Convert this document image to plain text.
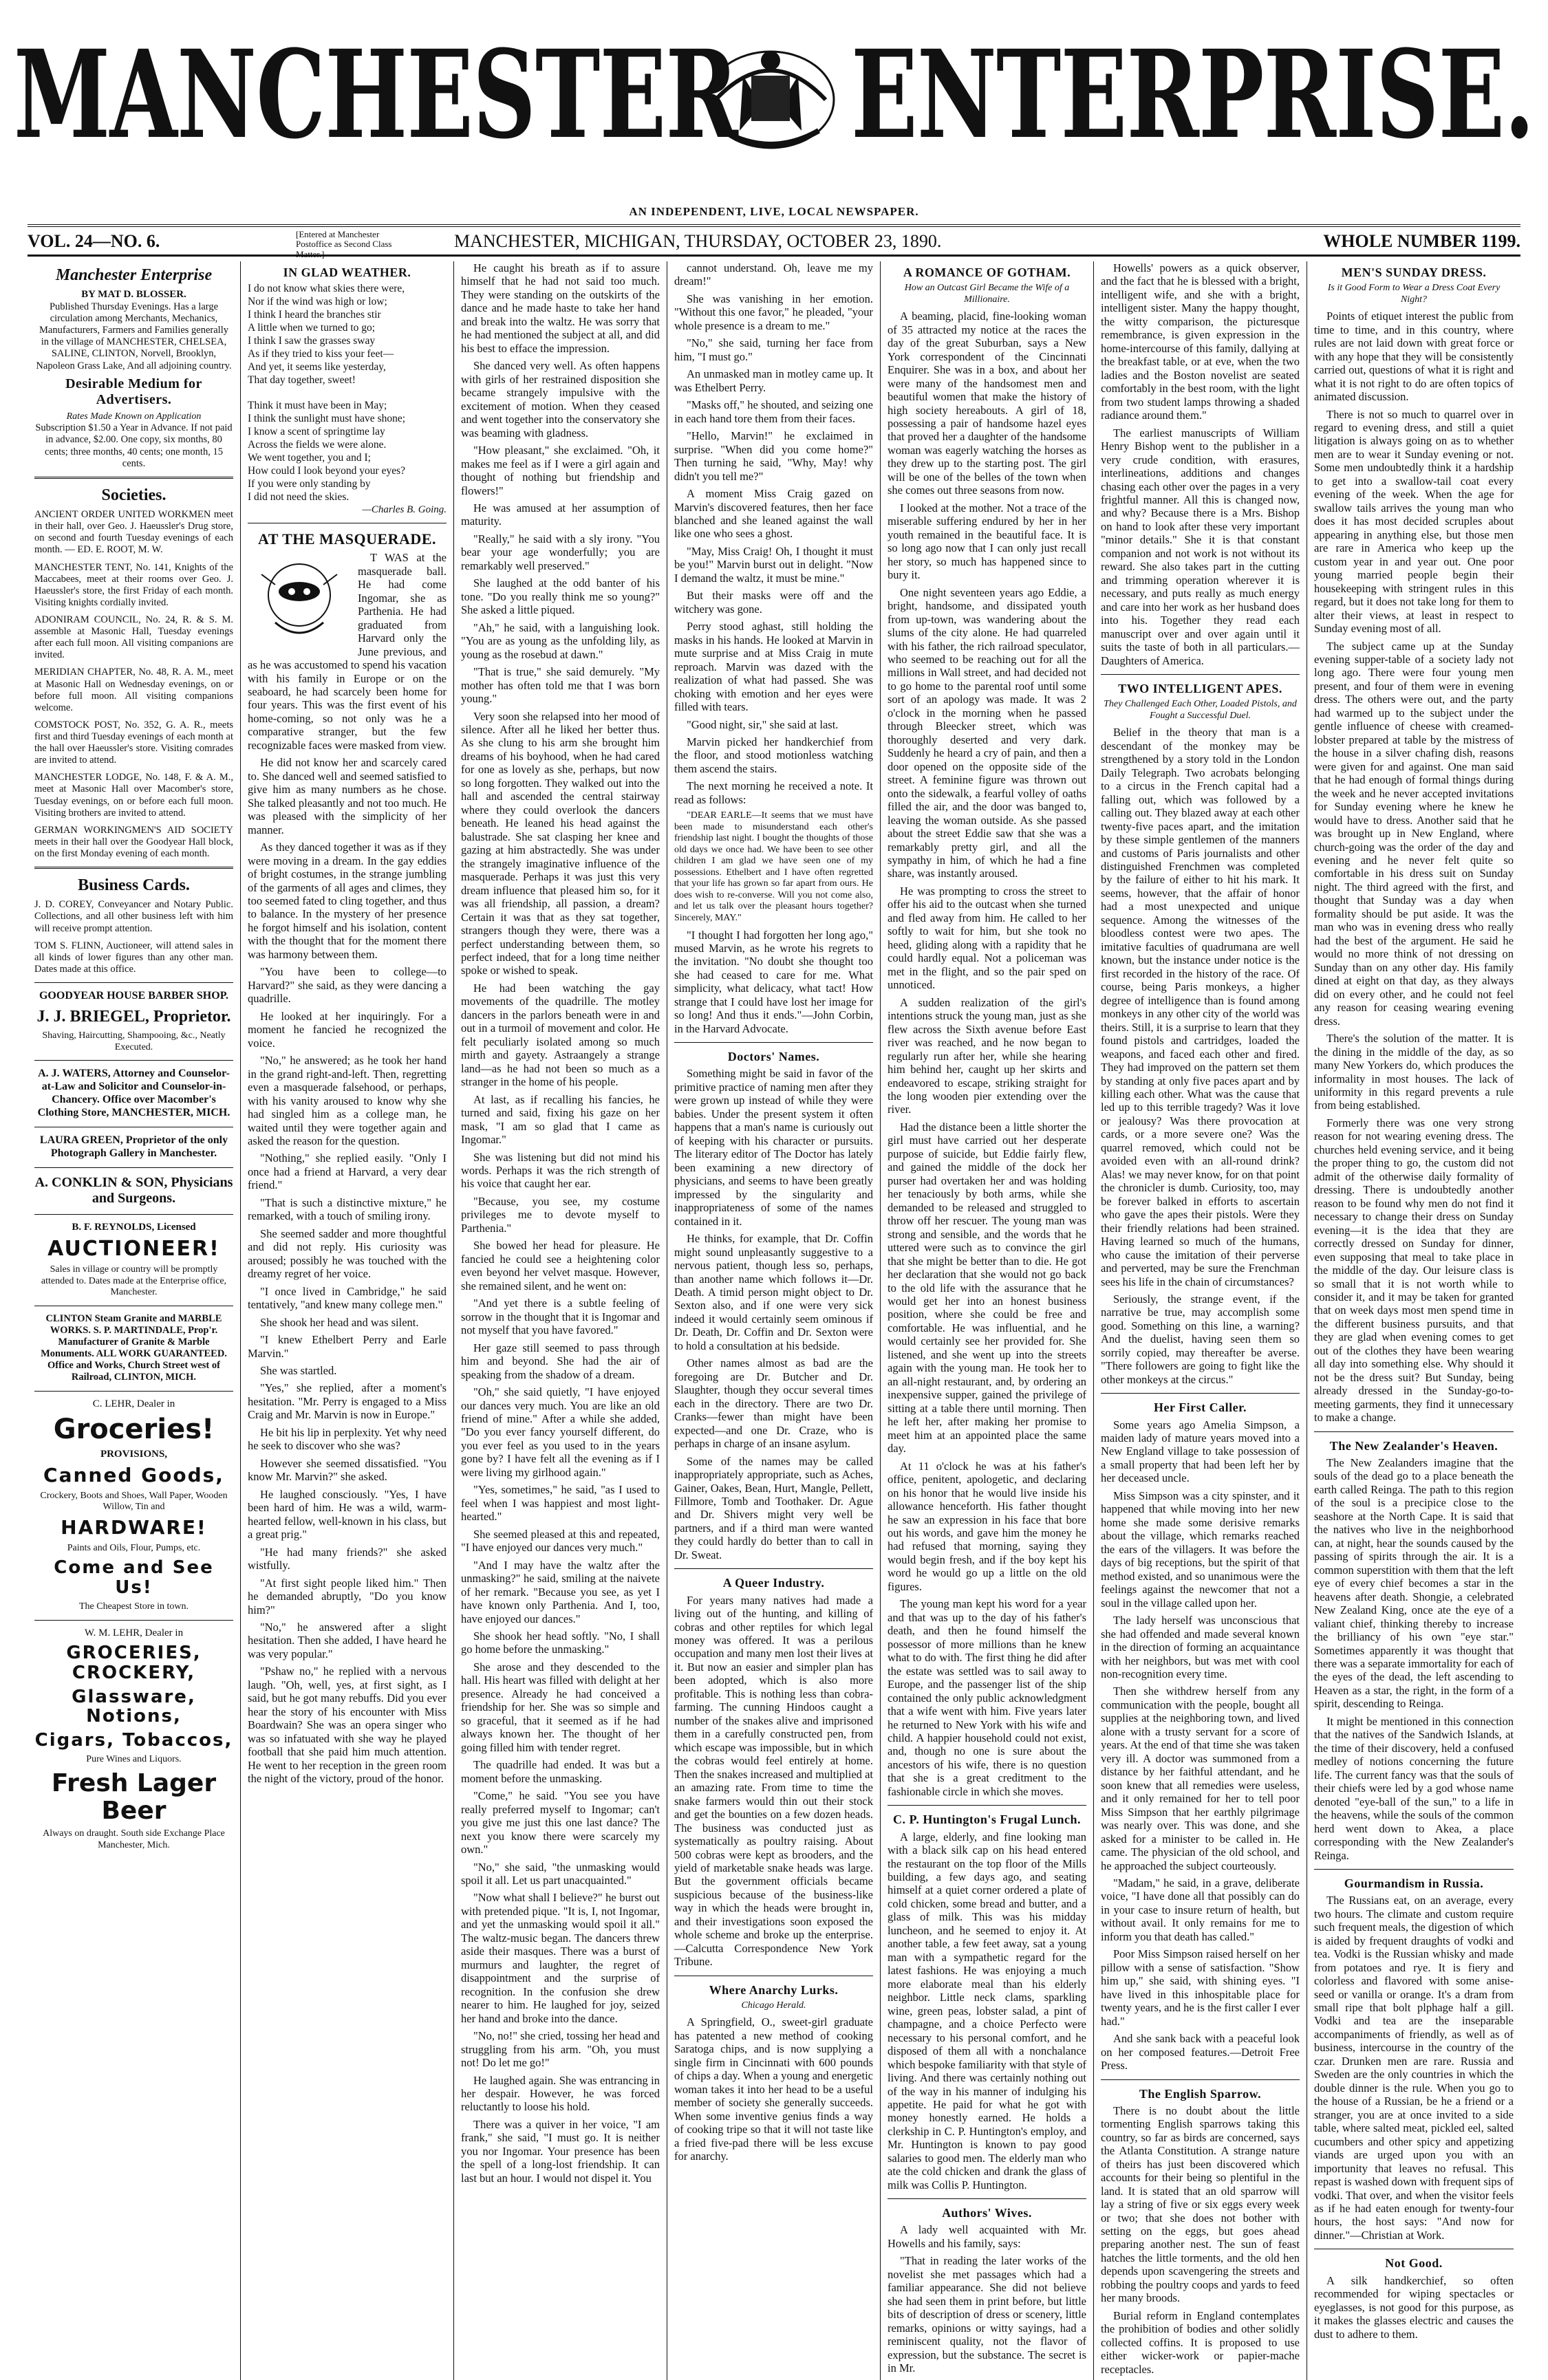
MANCHESTER ENTERPRISE.
AN INDEPENDENT, LIVE, LOCAL NEWSPAPER.
VOL. 24—NO. 6.	[Entered at Manchester Postoffice as Second Class Matter.]
MANCHESTER, MICHIGAN, THURSDAY, OCTOBER 23, 1890.	WHOLE NUMBER 1199.
Manchester Enterprise
BY MAT D. BLOSSER.

Published Thursday Evenings. Has a large circulation among Merchants, Mechanics, Manufacturers, Farmers and Families generally in the village of MANCHESTER, CHELSEA, SALINE, CLINTON, Norvell, Brooklyn, Napoleon Grass Lake, And all adjoining country.

Desirable Medium for Advertisers.
Rates Made Known on Application

Subscription $1.50 a Year in Advance. If not paid in advance, $2.00. One copy, six months, 80 cents; three months, 40 cents; one month, 15 cents.

Societies.

ANCIENT ORDER UNITED WORKMEN meet in their hall, over Geo. J. Haeussler's Drug store, on second and fourth Tuesday evenings of each month. — ED. E. ROOT, M. W.

MANCHESTER TENT, No. 141, Knights of the Maccabees, meet at their rooms over Geo. J. Haeussler's store, the first Friday of each month. Visiting knights cordially invited.

ADONIRAM COUNCIL, No. 24, R. & S. M. assemble at Masonic Hall, Tuesday evenings after each full moon. All visiting companions are invited.

MERIDIAN CHAPTER, No. 48, R. A. M., meet at Masonic Hall on Wednesday evenings, on or before full moon. All visiting companions welcome.

COMSTOCK POST, No. 352, G. A. R., meets first and third Tuesday evenings of each month at the hall over Haeussler's store. Visiting comrades are invited to attend.

MANCHESTER LODGE, No. 148, F. & A. M., meet at Masonic Hall over Macomber's store, Tuesday evenings, on or before each full moon. Visiting brothers are invited to attend.

GERMAN WORKINGMEN'S AID SOCIETY meets in their hall over the Goodyear Hall block, on the first Monday evening of each month.

Business Cards.

J. D. COREY, Conveyancer and Notary Public. Collections, and all other business left with him will receive prompt attention.

TOM S. FLINN, Auctioneer, will attend sales in all kinds of lower figures than any other man. Dates made at this office.

GOODYEAR HOUSE BARBER SHOP.
J. J. BRIEGEL, Proprietor.
Shaving, Haircutting, Shampooing, &c., Neatly Executed.
A. J. WATERS, Attorney and Counselor-at-Law and Solicitor and Counselor-in-Chancery. Office over Macomber's Clothing Store, MANCHESTER, MICH.
LAURA GREEN, Proprietor of the only Photograph Gallery in Manchester.
A. CONKLIN & SON, Physicians and Surgeons.
B. F. REYNOLDS, Licensed
AUCTIONEER!
Sales in village or country will be promptly attended to. Dates made at the Enterprise office, Manchester.
CLINTON Steam Granite and MARBLE WORKS. S. P. MARTINDALE, Prop'r. Manufacturer of Granite & Marble Monuments. ALL WORK GUARANTEED. Office and Works, Church Street west of Railroad, CLINTON, MICH.
C. LEHR, Dealer in
Groceries!
PROVISIONS,
Canned Goods,
Crockery, Boots and Shoes, Wall Paper, Wooden Willow, Tin and
HARDWARE!
Paints and Oils, Flour, Pumps, etc.
Come and See Us!
The Cheapest Store in town.
W. M. LEHR, Dealer in
GROCERIES, CROCKERY,
Glassware, Notions,
Cigars, Tobaccos,
Pure Wines and Liquors.
Fresh Lager Beer
Always on draught. South side Exchange Place Manchester, Mich.
IN GLAD WEATHER.
I do not know what skies there were,
Nor if the wind was high or low;
I think I heard the branches stir
A little when we turned to go;
I think I saw the grasses sway
As if they tried to kiss your feet—
And yet, it seems like yesterday,
That day together, sweet!

Think it must have been in May;
I think the sunlight must have shone;
I know a scent of springtime lay
Across the fields we were alone.
We went together, you and I;
How could I look beyond your eyes?
If you were only standing by
I did not need the skies.
—Charles B. Going.
AT THE MASQUERADE.

T WAS at the masquerade ball. He had come Ingomar, she as Parthenia. He had graduated from Harvard only the June previous, and as he was accustomed to spend his vacation with his family in Europe or on the seaboard, he had scarcely been home for four years. This was the first event of his home-coming, so not only was he a comparative stranger, but the few recognizable faces were masked from view.

He did not know her and scarcely cared to. She danced well and seemed satisfied to give him as many numbers as he chose. She talked pleasantly and not too much. He was pleased with the simplicity of her manner.

As they danced together it was as if they were moving in a dream. In the gay eddies of bright costumes, in the strange jumbling of the garments of all ages and climes, they too seemed fated to cling together, and thus to balance. In the mystery of her presence he forgot himself and his isolation, content with the thought that for the moment there was harmony between them.

"You have been to college—to Harvard?" she said, as they were dancing a quadrille.

He looked at her inquiringly. For a moment he fancied he recognized the voice.

"No," he answered; as he took her hand in the grand right-and-left. Then, regretting even a masquerade falsehood, or perhaps, with his vanity aroused to know why she had singled him as a college man, he waited until they were together again and asked the reason for the question.

"Nothing," she replied easily. "Only I once had a friend at Harvard, a very dear friend."

"That is such a distinctive mixture," he remarked, with a touch of smiling irony.

She seemed sadder and more thoughtful and did not reply. His curiosity was aroused; possibly he was touched with the dreamy regret of her voice.

"I once lived in Cambridge," he said tentatively, "and knew many college men."

She shook her head and was silent.

"I knew Ethelbert Perry and Earle Marvin."

She was startled.

"Yes," she replied, after a moment's hesitation. "Mr. Perry is engaged to a Miss Craig and Mr. Marvin is now in Europe."

He bit his lip in perplexity. Yet why need he seek to discover who she was?

However she seemed dissatisfied. "You know Mr. Marvin?" she asked.

He laughed consciously. "Yes, I have been hard of him. He was a wild, warm-hearted fellow, well-known in his class, but a great prig."

"He had many friends?" she asked wistfully.

"At first sight people liked him." Then he demanded abruptly, "Do you know him?"

"No," he answered after a slight hesitation. Then she added, I have heard he was very popular."

"Pshaw no," he replied with a nervous laugh. "Oh, well, yes, at first sight, as I said, but he got many rebuffs. Did you ever hear the story of his encounter with Miss Boardwain? She was an opera singer who was so infatuated with she way he played football that she paid him much attention. He went to her reception in the green room the night of the victory, proud of the honor.

He caught his breath as if to assure himself that he had not said too much. They were standing on the outskirts of the dance and he made haste to take her hand and break into the waltz. He was sorry that he had mentioned the subject at all, and did his best to efface the impression.

She danced very well. As often happens with girls of her restrained disposition she became strangely impulsive with the excitement of motion. When they ceased and went together into the conservatory she was beaming with gladness.

"How pleasant," she exclaimed. "Oh, it makes me feel as if I were a girl again and thought of nothing but friendship and flowers!"

He was amused at her assumption of maturity.

"Really," he said with a sly irony. "You bear your age wonderfully; you are remarkably well preserved."

She laughed at the odd banter of his tone. "Do you really think me so young?" She asked a little piqued.

"Ah," he said, with a languishing look. "You are as young as the unfolding lily, as young as the rosebud at dawn."

"That is true," she said demurely. "My mother has often told me that I was born young."

Very soon she relapsed into her mood of silence. After all he liked her better thus. As she clung to his arm she brought him dreams of his boyhood, when he had cared for one as lovely as she, perhaps, but now so long forgotten. They walked out into the hall and ascended the central stairway where they could overlook the dancers beneath. He leaned his head against the balustrade. She sat clasping her knee and gazing at him abstractedly. She was under the strangely imaginative influence of the masquerade. Perhaps it was just this very dream influence that pleased him so, for it was all friendship, all passion, a dream? Certain it was that as they sat together, strangers though they were, there was a perfect understanding between them, so perfect indeed, that for a long time neither spoke or wished to speak.

He had been watching the gay movements of the quadrille. The motley dancers in the parlors beneath were in and out in a turmoil of movement and color. He felt peculiarly isolated among so much mirth and gayety. Astraangely a strange land—as he had not been so much as a stranger in the home of his people.

At last, as if recalling his fancies, he turned and said, fixing his gaze on her mask, "I am so glad that I came as Ingomar."

She was listening but did not mind his words. Perhaps it was the rich strength of his voice that caught her ear.

"Because, you see, my costume privileges me to devote myself to Parthenia."

She bowed her head for pleasure. He fancied he could see a heightening color even beyond her velvet masque. However, she remained silent, and he went on:

"And yet there is a subtle feeling of sorrow in the thought that it is Ingomar and not myself that you have favored."

Her gaze still seemed to pass through him and beyond. She had the air of speaking from the shadow of a dream.

"Oh," she said quietly, "I have enjoyed our dances very much. You are like an old friend of mine." After a while she added, "Do you ever fancy yourself different, do you ever feel as you used to in the years gone by? I have felt all the evening as if I were living my girlhood again."

"Yes, sometimes," he said, "as I used to feel when I was happiest and most light-hearted."

She seemed pleased at this and repeated, "I have enjoyed our dances very much."

"And I may have the waltz after the unmasking?" he said, smiling at the naivete of her remark. "Because you see, as yet I have known only Parthenia. And I, too, have enjoyed our dances."

She shook her head softly. "No, I shall go home before the unmasking."

She arose and they descended to the hall. His heart was filled with delight at her presence. Already he had conceived a friendship for her. She was so simple and so graceful, that it seemed as if he had always known her. The thought of her going filled him with tender regret.

The quadrille had ended. It was but a moment before the unmasking.

"Come," he said. "You see you have really preferred myself to Ingomar; can't you give me just this one last dance? The next you know there were scarcely my own."

"No," she said, "the unmasking would spoil it all. Let us part unacquainted."

"Now what shall I believe?" he burst out with pretended pique. "It is, I, not Ingomar, and yet the unmasking would spoil it all." The waltz-music began. The dancers threw aside their masques. There was a burst of murmurs and laughter, the regret of disappointment and the surprise of recognition. In the confusion she drew nearer to him. He laughed for joy, seized her hand and broke into the dance.

"No, no!" she cried, tossing her head and struggling from his arm. "Oh, you must not! Do let me go!"

He laughed again. She was entrancing in her despair. However, he was forced reluctantly to loose his hold.

There was a quiver in her voice, "I am frank," she said, "I must go. It is neither you nor Ingomar. Your presence has been the spell of a long-lost friendship. It can last but an hour. I would not dispel it. You

cannot understand. Oh, leave me my dream!"

She was vanishing in her emotion. "Without this one favor," he pleaded, "your whole presence is a dream to me."

"No," she said, turning her face from him, "I must go."

An unmasked man in motley came up. It was Ethelbert Perry.

"Masks off," he shouted, and seizing one in each hand tore them from their faces.

"Hello, Marvin!" he exclaimed in surprise. "When did you come home?" Then turning he said, "Why, May! why didn't you tell me?"

A moment Miss Craig gazed on Marvin's discovered features, then her face blanched and she leaned against the wall like one who sees a ghost.

"May, Miss Craig! Oh, I thought it must be you!" Marvin burst out in delight. "Now I demand the waltz, it must be mine."

But their masks were off and the witchery was gone.

Perry stood aghast, still holding the masks in his hands. He looked at Marvin in mute surprise and at Miss Craig in mute reproach. Marvin was dazed with the realization of what had passed. She was choking with emotion and her eyes were filled with tears.

"Good night, sir," she said at last.

Marvin picked her handkerchief from the floor, and stood motionless watching them ascend the stairs.

The next morning he received a note. It read as follows:

"DEAR EARLE—It seems that we must have been made to misunderstand each other's friendship last night. I bought the thoughts of those old days we once had. We have been to see other children I am glad we have seen one of my possessions. Ethelbert and I have often regretted that your life has grown so far apart from ours. He does wish to re-converse. Will you not come also, and let us talk over the pleasant hours together? Sincerely, MAY."

"I thought I had forgotten her long ago," mused Marvin, as he wrote his regrets to the invitation. "No doubt she thought too she had ceased to care for me. What simplicity, what delicacy, what tact! How strange that I could have lost her image for so long! And thus it ends."—John Corbin, in the Harvard Advocate.

Doctors' Names.

Something might be said in favor of the primitive practice of naming men after they were grown up instead of while they were babies. Under the present system it often happens that a man's name is curiously out of keeping with his character or pursuits. The literary editor of The Doctor has lately been examining a new directory of physicians, and seems to have been greatly impressed by the singularity and inappropriateness of some of the names contained in it.

He thinks, for example, that Dr. Coffin might sound unpleasantly suggestive to a nervous patient, though less so, perhaps, than another name which follows it—Dr. Death. A timid person might object to Dr. Sexton also, and if one were very sick indeed it would certainly seem ominous if Dr. Death, Dr. Coffin and Dr. Sexton were to hold a consultation at his bedside.

Other names almost as bad are the foregoing are Dr. Butcher and Dr. Slaughter, though they occur several times each in the directory. There are two Dr. Cranks—fewer than might have been expected—and one Dr. Craze, who is perhaps in charge of an insane asylum.

Some of the names may be called inappropriately appropriate, such as Aches, Gainer, Oakes, Bean, Hurt, Mangle, Pellett, Fillmore, Tomb and Toothaker. Dr. Ague and Dr. Shivers might very well be partners, and if a third man were wanted they could hardly do better than to call in Dr. Sweat.

A Queer Industry.

For years many natives had made a living out of the hunting, and killing of cobras and other reptiles for which legal money was offered. It was a perilous occupation and many men lost their lives at it. But now an easier and simpler plan has been adopted, which is also more profitable. This is nothing less than cobra-farming. The cunning Hindoos caught a number of the snakes alive and imprisoned them in a carefully constructed pen, from which escape was impossible, but in which the cobras would feel entirely at home. Then the snakes increased and multiplied at an amazing rate. From time to time the snake farmers would thin out their stock and get the bounties on a few dozen heads. The business was conducted just as systematically as poultry raising. About 500 cobras were kept as brooders, and the yield of marketable snake heads was large. But the government officials became suspicious because of the business-like way in which the heads were brought in, and their investigations soon exposed the whole scheme and broke up the enterprise.—Calcutta Correspondence New York Tribune.

Where Anarchy Lurks.
Chicago Herald.

A Springfield, O., sweet-girl graduate has patented a new method of cooking Saratoga chips, and is now supplying a single firm in Cincinnati with 600 pounds of chips a day. When a young and energetic woman takes it into her head to be a useful member of society she generally succeeds. When some inventive genius finds a way of cooking tripe so that it will not taste like a fried five-pad there will be less excuse for anarchy.

A ROMANCE OF GOTHAM.
How an Outcast Girl Became the Wife of a Millionaire.

A beaming, placid, fine-looking woman of 35 attracted my notice at the races the day of the great Suburban, says a New York correspondent of the Cincinnati Enquirer. She was in a box, and about her were many of the handsomest men and beautiful women that make the history of high society hereabouts. A girl of 18, possessing a pair of handsome hazel eyes that proved her a daughter of the handsome woman was eagerly watching the horses as they drew up to the starting post. The girl will be one of the belles of the town when she comes out three seasons from now.

I looked at the mother. Not a trace of the miserable suffering endured by her in her youth remained in the beautiful face. It is so long ago now that I can only just recall her story, so much has happened since to bury it.

One night seventeen years ago Eddie, a bright, handsome, and dissipated youth from up-town, was wandering about the slums of the city alone. He had quarreled with his father, the rich railroad speculator, who seemed to be reaching out for all the millions in Wall street, and had decided not to go home to the parental roof until some sort of an apology was made. It was 2 o'clock in the morning when he passed through Bleecker street, which was thoroughly deserted and very dark. Suddenly he heard a cry of pain, and then a door opened on the opposite side of the street. A feminine figure was thrown out onto the sidewalk, a fearful volley of oaths filled the air, and the door was banged to, leaving the woman outside. As she passed about the street Eddie saw that she was a remarkably pretty girl, and all the sympathy in him, of which he had a fine share, was instantly aroused.

He was prompting to cross the street to offer his aid to the outcast when she turned and fled away from him. He called to her softly to wait for him, but she took no heed, gliding along with a rapidity that he could hardly equal. Not a policeman was met in the flight, and so the pair sped on unnoticed.

A sudden realization of the girl's intentions struck the young man, just as she flew across the Sixth avenue before East river was reached, and he now began to regularly run after her, while she hearing him behind her, caught up her skirts and endeavored to escape, striking straight for the long wooden pier extending over the river.

Had the distance been a little shorter the girl must have carried out her desperate purpose of suicide, but Eddie fairly flew, and gained the middle of the dock her purser had overtaken her and was holding her tenaciously by both arms, while she demanded to be released and struggled to throw off her rescuer. The young man was strong and sensible, and the words that he uttered were such as to convince the girl that she might be better than to die. He got her declaration that she would not go back to the old life with the assurance that he would get her into an honest business position, where she could be free and comfortable. He was influential, and he would certainly see her provided for. She listened, and she went up into the streets again with the young man. He took her to an all-night restaurant, and, by ordering an inexpensive supper, gained the privilege of sitting at a table there until morning. Then he left her, after making her promise to meet him at an appointed place the same day.

At 11 o'clock he was at his father's office, penitent, apologetic, and declaring on his honor that he would live inside his allowance henceforth. His father thought he saw an expression in his face that bore out his words, and gave him the money he had refused that morning, saying they would begin fresh, and if the boy kept his word he would go up a little on the old figures.

The young man kept his word for a year and that was up to the day of his father's death, and then he found himself the possessor of more millions than he knew what to do with. The first thing he did after the estate was settled was to sail away to Europe, and the passenger list of the ship contained the only public acknowledgment that a wife went with him. Five years later he returned to New York with his wife and child. A happier household could not exist, and, though no one is sure about the ancestors of his wife, there is no question that she is a great creditment to the fashionable circle in which she moves.

C. P. Huntington's Frugal Lunch.

A large, elderly, and fine looking man with a black silk cap on his head entered the restaurant on the top floor of the Mills building, a few days ago, and seating himself at a quiet corner ordered a plate of cold chicken, some bread and butter, and a glass of milk. This was his midday luncheon, and he seemed to enjoy it. At another table, a few feet away, sat a young man with a sympathetic regard for the latest fashions. He was enjoying a much more elaborate meal than his elderly neighbor. Little neck clams, sparkling wine, green peas, lobster salad, a pint of champagne, and a choice Perfecto were necessary to his personal comfort, and he disposed of them all with a nonchalance which bespoke familiarity with that style of living. And there was certainly nothing out of the way in his manner of indulging his appetite. He paid for what he got with money honestly earned. He holds a clerkship in C. P. Huntington's employ, and Mr. Huntington is known to pay good salaries to good men. The elderly man who ate the cold chicken and drank the glass of milk was Collis P. Huntington.

Authors' Wives.

A lady well acquainted with Mr. Howells and his family, says:

"That in reading the later works of the novelist she met passages which had a familiar appearance. She did not believe she had seen them in print before, but little bits of description of dress or scenery, little remarks, opinions or witty sayings, had a reminiscent quality, not the flavor of expression, but the substance. The secret is in Mr.

Howells' powers as a quick observer, and the fact that he is blessed with a bright, intelligent wife, and she with a bright, intelligent sister. Many the happy thought, the witty comparison, the picturesque remembrance, is given expression in the home-intercourse of this family, dallying at the breakfast table, or at eve, when the two ladies and the Boston novelist are seated comfortably in the best room, with the light from two student lamps throwing a shaded radiance around them."

The earliest manuscripts of William Henry Bishop went to the publisher in a very crude condition, with erasures, interlineations, additions and changes chasing each other over the pages in a very frightful manner. All this is changed now, and why? Because there is a Mrs. Bishop on hand to look after these very important "minor details." She it is that constant companion and not work is not without its reward. She also takes part in the cutting and trimming operation wherever it is necessary, and puts really as much energy and care into her work as her husband does into his. Together they read each manuscript over and over again until it suits the taste of both in all particulars.—Daughters of America.

TWO INTELLIGENT APES.
They Challenged Each Other, Loaded Pistols, and Fought a Successful Duel.

Belief in the theory that man is a descendant of the monkey may be strengthened by a story told in the London Daily Telegraph. Two acrobats belonging to a circus in the French capital had a falling out, which was followed by a calling out. They blazed away at each other twenty-five paces apart, and the imitation by these simple gentlemen of the manners and customs of Paris journalists and other distinguished Frenchmen was completed by the failure of either to hit his mark. It seems, however, that the affair of honor had a most unexpected and unique sequence. Among the witnesses of the bloodless contest were two apes. The imitative faculties of quadrumana are well known, but the instance under notice is the first recorded in the history of the race. Of course, being Paris monkeys, a higher degree of intelligence than is found among monkeys in any other city of the world was theirs. Still, it is a surprise to learn that they found pistols and cartridges, loaded the weapons, and faced each other and fired. They had improved on the pattern set them by standing at only five paces apart and by killing each other. What was the cause that led up to this terrible tragedy? Was it love or jealousy? Was there provocation at cards, or a more severe one? Was the quarrel removed, which could not be avoided even with an all-round drink? Alas! we may never know, for on that point the chronicler is dumb. Curiosity, too, may be forever balked in efforts to ascertain who gave the apes their pistols. Were they their friendly relations had been strained. Having learned so much of the humans, who cause the imitation of their perverse and perverted, may be sure the Frenchman sees his life in the chain of circumstances?

Seriously, the strange event, if the narrative be true, may accomplish some good. Something on this line, a warning? And the duelist, having seen them so sorrily copied, may thereafter be averse. "There followers are going to fight like the other monkeys at the circus."

Her First Caller.

Some years ago Amelia Simpson, a maiden lady of mature years moved into a New England village to take possession of a small property that had been left her by her deceased uncle.

Miss Simpson was a city spinster, and it happened that while moving into her new home she made some derisive remarks about the village, which remarks reached the ears of the villagers. It was before the days of big receptions, but the spirit of that method existed, and so unanimous were the feelings against the newcomer that not a soul in the village called upon her.

The lady herself was unconscious that she had offended and made several known in the direction of forming an acquaintance with her neighbors, but was met with cool non-recognition every time.

Then she withdrew herself from any communication with the people, bought all supplies at the neighboring town, and lived alone with a trusty servant for a score of years. At the end of that time she was taken very ill. A doctor was summoned from a distance by her faithful attendant, and he soon knew that all remedies were useless, and it only remained for her to tell poor Miss Simpson that her earthly pilgrimage was nearly over. This was done, and she asked for a minister to be called in. He came. The physician of the old school, and he approached the subject courteously.

"Madam," he said, in a grave, deliberate voice, "I have done all that possibly can do in your case to insure return of health, but without avail. It only remains for me to inform you that death has called."

Poor Miss Simpson raised herself on her pillow with a sense of satisfaction. "Show him up," she said, with shining eyes. "I have lived in this inhospitable place for twenty years, and he is the first caller I ever had."

And she sank back with a peaceful look on her composed features.—Detroit Free Press.

The English Sparrow.

There is no doubt about the little tormenting English sparrows taking this country, so far as birds are concerned, says the Atlanta Constitution. A strange nature of theirs has just been discovered which accounts for their being so plentiful in the land. It is stated that an old sparrow will lay a string of five or six eggs every week or two; that she does not bother with setting on the eggs, but goes ahead preparing another nest. The sun of feast hatches the little torments, and the old hen depends upon scavengering the streets and robbing the poultry coops and yards to feed her many broods.

Burial reform in England contemplates the prohibition of bodies and other solidly collected coffins. It is proposed to use either wicker-work or papier-mache receptacles.

MEN'S SUNDAY DRESS.
Is it Good Form to Wear a Dress Coat Every Night?

Points of etiquet interest the public from time to time, and in this country, where rules are not laid down with great force or with any hope that they will be consistently carried out, questions of what it is right and what it is not right to do are often topics of animated discussion.

There is not so much to quarrel over in regard to evening dress, and still a quiet litigation is always going on as to whether men are to wear it Sunday evening or not. Some men undoubtedly think it a hardship to get into a swallow-tail coat every evening of the week. When the age for swallow tails arrives the young man who does it has most decided scruples about appearing in anything else, but those men are rare in America who keep up the custom year in and year out. One poor young married people begin their housekeeping with stringent rules in this regard, but it does not take long for them to alter their views, at least in respect to Sunday evening most of all.

The subject came up at the Sunday evening supper-table of a society lady not long ago. There were four young men present, and four of them were in evening dress. The others were out, and the party had warmed up to the subject under the gentle influence of cheese with creamed-lobster prepared at table by the mistress of the house in a silver chafing dish, reasons were given for and against. One man said that he had enough of formal things during the week and he never accepted invitations for Sunday evening where he knew he would have to dress. Another said that he was brought up in New England, where church-going was the order of the day and evening and he never felt quite so comfortable in his dress suit on Sunday night. The third agreed with the first, and thought that Sunday was a day when formality should be put aside. It was the man who was in evening dress who really had the best of the argument. He said he would no more think of not dressing on Sunday than on any other day. His family dined at eight on that day, as they always did on every other, and he could not feel any reason for ceasing wearing evening dress.

There's the solution of the matter. It is the dining in the middle of the day, as so many New Yorkers do, which produces the informality in most houses. The lack of uniformity in this regard prevents a rule from being established.

Formerly there was one very strong reason for not wearing evening dress. The churches held evening service, and it being the proper thing to go, the custom did not admit of the otherwise daily formality of dressing. There is undoubtedly another reason to be found why men do not find it necessary to change their dress on Sunday evening—it is the idea that they are correctly dressed on Sunday for dinner, even supposing that meal to take place in the middle of the day. Our leisure class is so small that it is not worth while to consider it, and it may be taken for granted that on week days most men spend time in the different business pursuits, and that they are glad when evening comes to get out of the clothes they have been wearing all day into something else. Why should it not be the dress suit? But Sunday, being already dressed in the Sunday-go-to-meeting garments, they find it unnecessary to make a change.

The New Zealander's Heaven.

The New Zealanders imagine that the souls of the dead go to a place beneath the earth called Reinga. The path to this region of the soul is a precipice close to the seashore at the North Cape. It is said that the natives who live in the neighborhood can, at night, hear the sounds caused by the passing of spirits through the air. It is a common superstition with them that the left eye of every chief becomes a star in the heavens after death. Shongie, a celebrated New Zealand King, once ate the eye of a valiant chief, thinking thereby to increase the brilliancy of his own "eye star." Sometimes apparently it was thought that there was a separate immortality for each of the eyes of the dead, the left ascending to Heaven as a star, the right, in the form of a spirit, descending to Reinga.

It might be mentioned in this connection that the natives of the Sandwich Islands, at the time of their discovery, held a confused medley of notions concerning the future life. The current fancy was that the souls of their chiefs were led by a god whose name denoted "eye-ball of the sun," to a life in the heavens, while the souls of the common herd went down to Akea, a place corresponding with the New Zealander's Reinga.

Gourmandism in Russia.

The Russians eat, on an average, every two hours. The climate and custom require such frequent meals, the digestion of which is aided by frequent draughts of vodki and tea. Vodki is the Russian whisky and made from potatoes and rye. It is fiery and colorless and flavored with some anise-seed or vanilla or orange. It's a dram from small ripe that bolt plphage half a gill. Vodki and tea are the inseparable accompaniments of friendly, as well as of business, intercourse in the country of the czar. Drunken men are rare. Russia and Sweden are the only countries in which the double dinner is the rule. When you go to the house of a Russian, be he a friend or a stranger, you are at once invited to a side table, where salted meat, pickled eel, salted cucumbers and other spicy and appetizing viands are urged upon you with an importunity that leaves no refusal. This repast is washed down with frequent sips of vodki. That over, and when the visitor feels as if he had eaten enough for twenty-four hours, the host says: "And now for dinner."—Christian at Work.

Not Good.

A silk handkerchief, so often recommended for wiping spectacles or eyeglasses, is not good for this purpose, as it makes the glasses electric and causes the dust to adhere to them.
